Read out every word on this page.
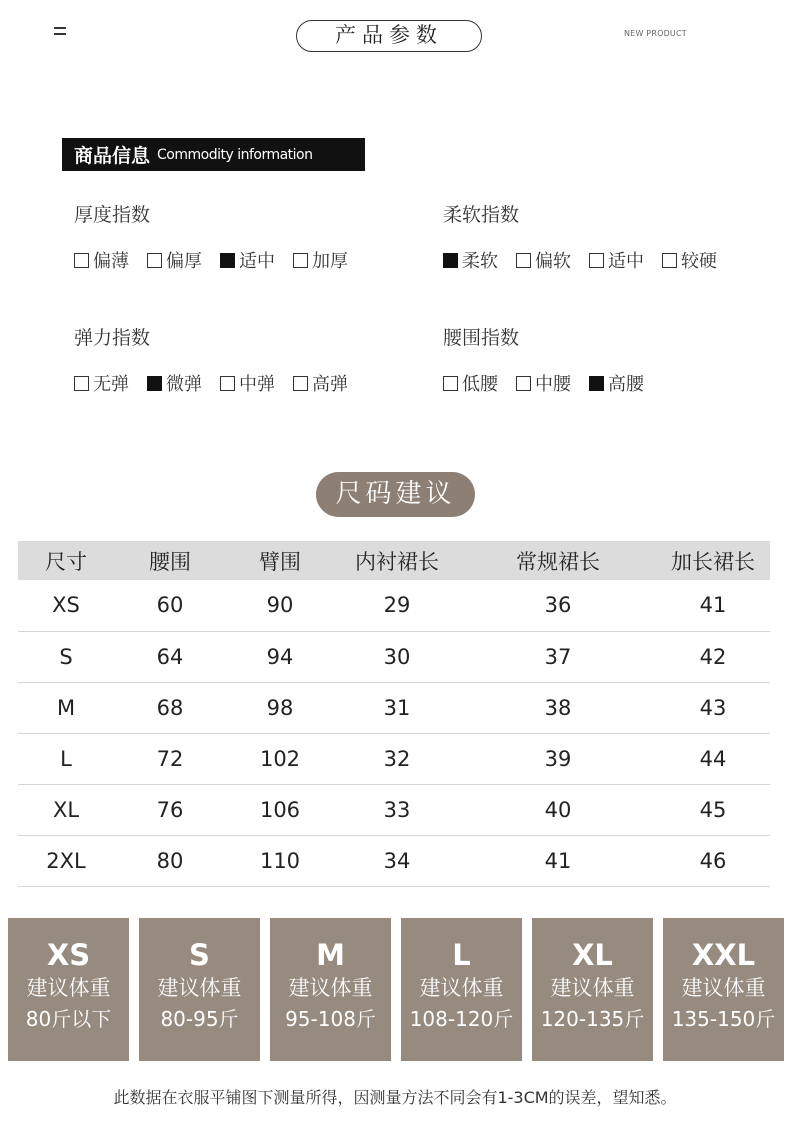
产品参数	NEW PRODUCT
商品信息 Commodity information
厚度指数
偏薄 偏厚 适中 加厚
柔软指数
柔软 偏软 适中 较硬
弹力指数
无弹 微弹 中弹 高弹
腰围指数
低腰 中腰 高腰
尺码建议
尺寸	腰围	臂围	内衬裙长	常规裙长	加长裙长
XS	60	90	29	36	41
S	64	94	30	37	42
M	68	98	31	38	43
L	72	102	32	39	44
XL	76	106	33	40	45
2XL	80	110	34	41	46
XS
建议体重
80斤以下
S
建议体重
80-95斤
M
建议体重
95-108斤
L
建议体重
108-120斤
XL
建议体重
120-135斤
XXL
建议体重
135-150斤
此数据在衣服平铺图下测量所得，因测量方法不同会有1-3CM的误差，望知悉。
